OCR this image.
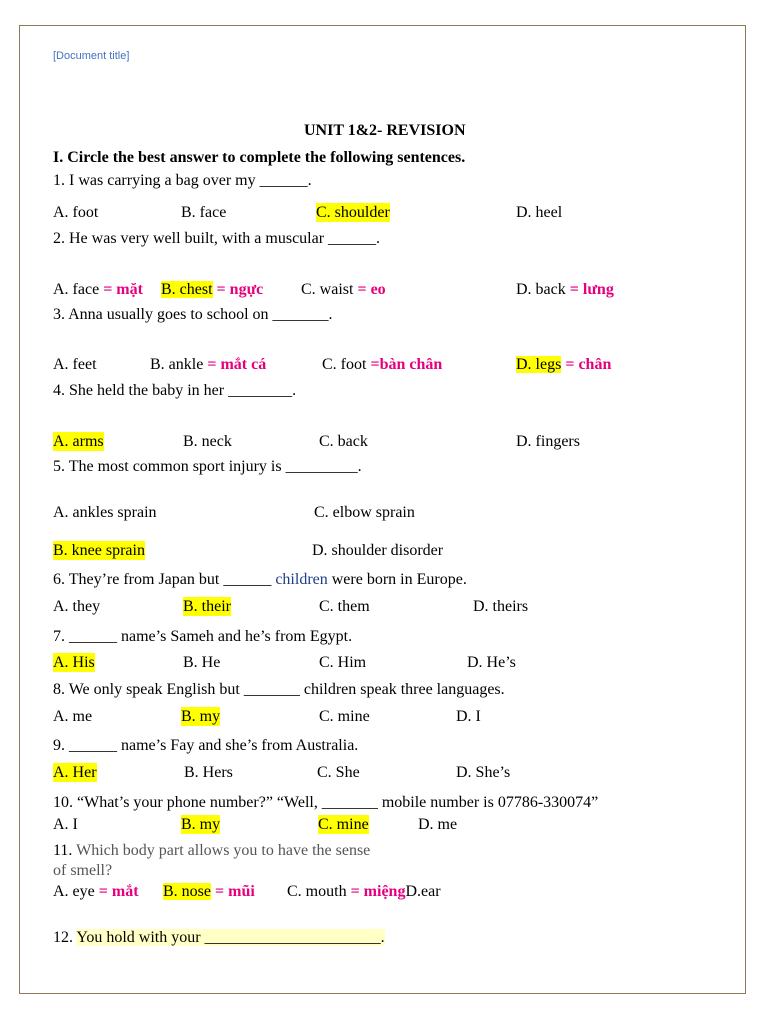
[Document title]
UNIT 1&2- REVISION
I. Circle the best answer to complete the following sentences.
1. I was carrying a bag over my ______.
A. foot	B. face	C. shoulder	D. heel
2. He was very well built, with a muscular ______.
A. face = mặt B. chest = ngực C. waist = eo	D. back = lưng
3. Anna usually goes to school on _______.
A. feet	B. ankle = mắt cá	C. foot =bàn chân	D. legs = chân
4. She held the baby in her ________.
A. arms	B. neck	C. back	D. fingers
5. The most common sport injury is _________.
A. ankles sprain	C. elbow sprain
B. knee sprain	D. shoulder disorder
6. They’re from Japan but ______ children were born in Europe.
A. they	B. their	C. them	D. theirs
7. ______ name’s Sameh and he’s from Egypt.
A. His	B. He	C. Him	D. He’s
8. We only speak English but _______ children speak three languages.
A. me	B. my	C. mine	D. I
9. ______ name’s Fay and she’s from Australia.
A. Her	B. Hers	C. She	D. She’s
10. “What’s your phone number?” “Well, _______ mobile number is 07786-330074”
A. I	B. my	C. mine	D. me
11. Which body part allows you to have the sense
of smell?
A. eye = mắt B. nose = mũi C. mouth = miệngD.ear
12. You hold with your ______________________.
